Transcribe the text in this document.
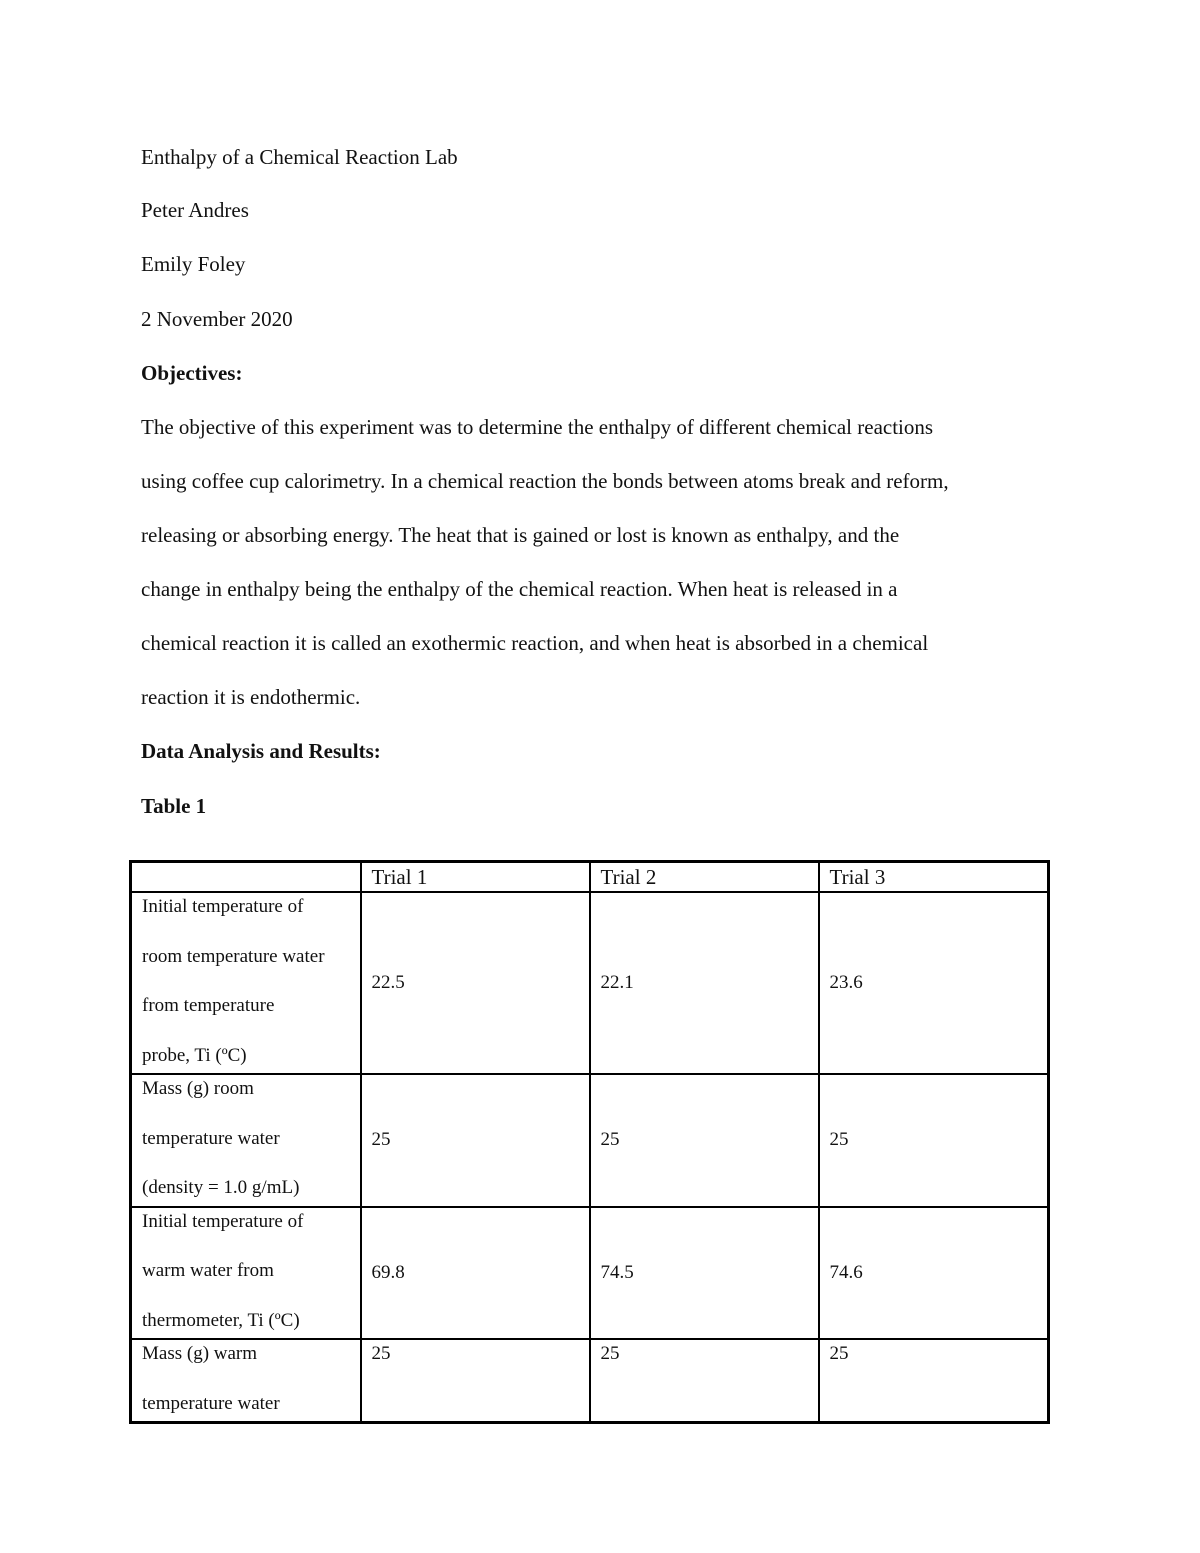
Enthalpy of a Chemical Reaction Lab
Peter Andres
Emily Foley
2 November 2020
Objectives:
The objective of this experiment was to determine the enthalpy of different chemical reactions
using coffee cup calorimetry. In a chemical reaction the bonds between atoms break and reform,
releasing or absorbing energy. The heat that is gained or lost is known as enthalpy, and the
change in enthalpy being the enthalpy of the chemical reaction. When heat is released in a
chemical reaction it is called an exothermic reaction, and when heat is absorbed in a chemical
reaction it is endothermic.
Data Analysis and Results:
Table 1
	Trial 1	Trial 2	Trial 3

Initial temperature of
room temperature water
from temperature
probe, Ti (ºC)	22.5	22.1	23.6

Mass (g) room
temperature water
(density = 1.0 g/mL)	25	25	25

Initial temperature of
warm water from
thermometer, Ti (ºC)	69.8	74.5	74.6

Mass (g) warm
temperature water	25	25	25
